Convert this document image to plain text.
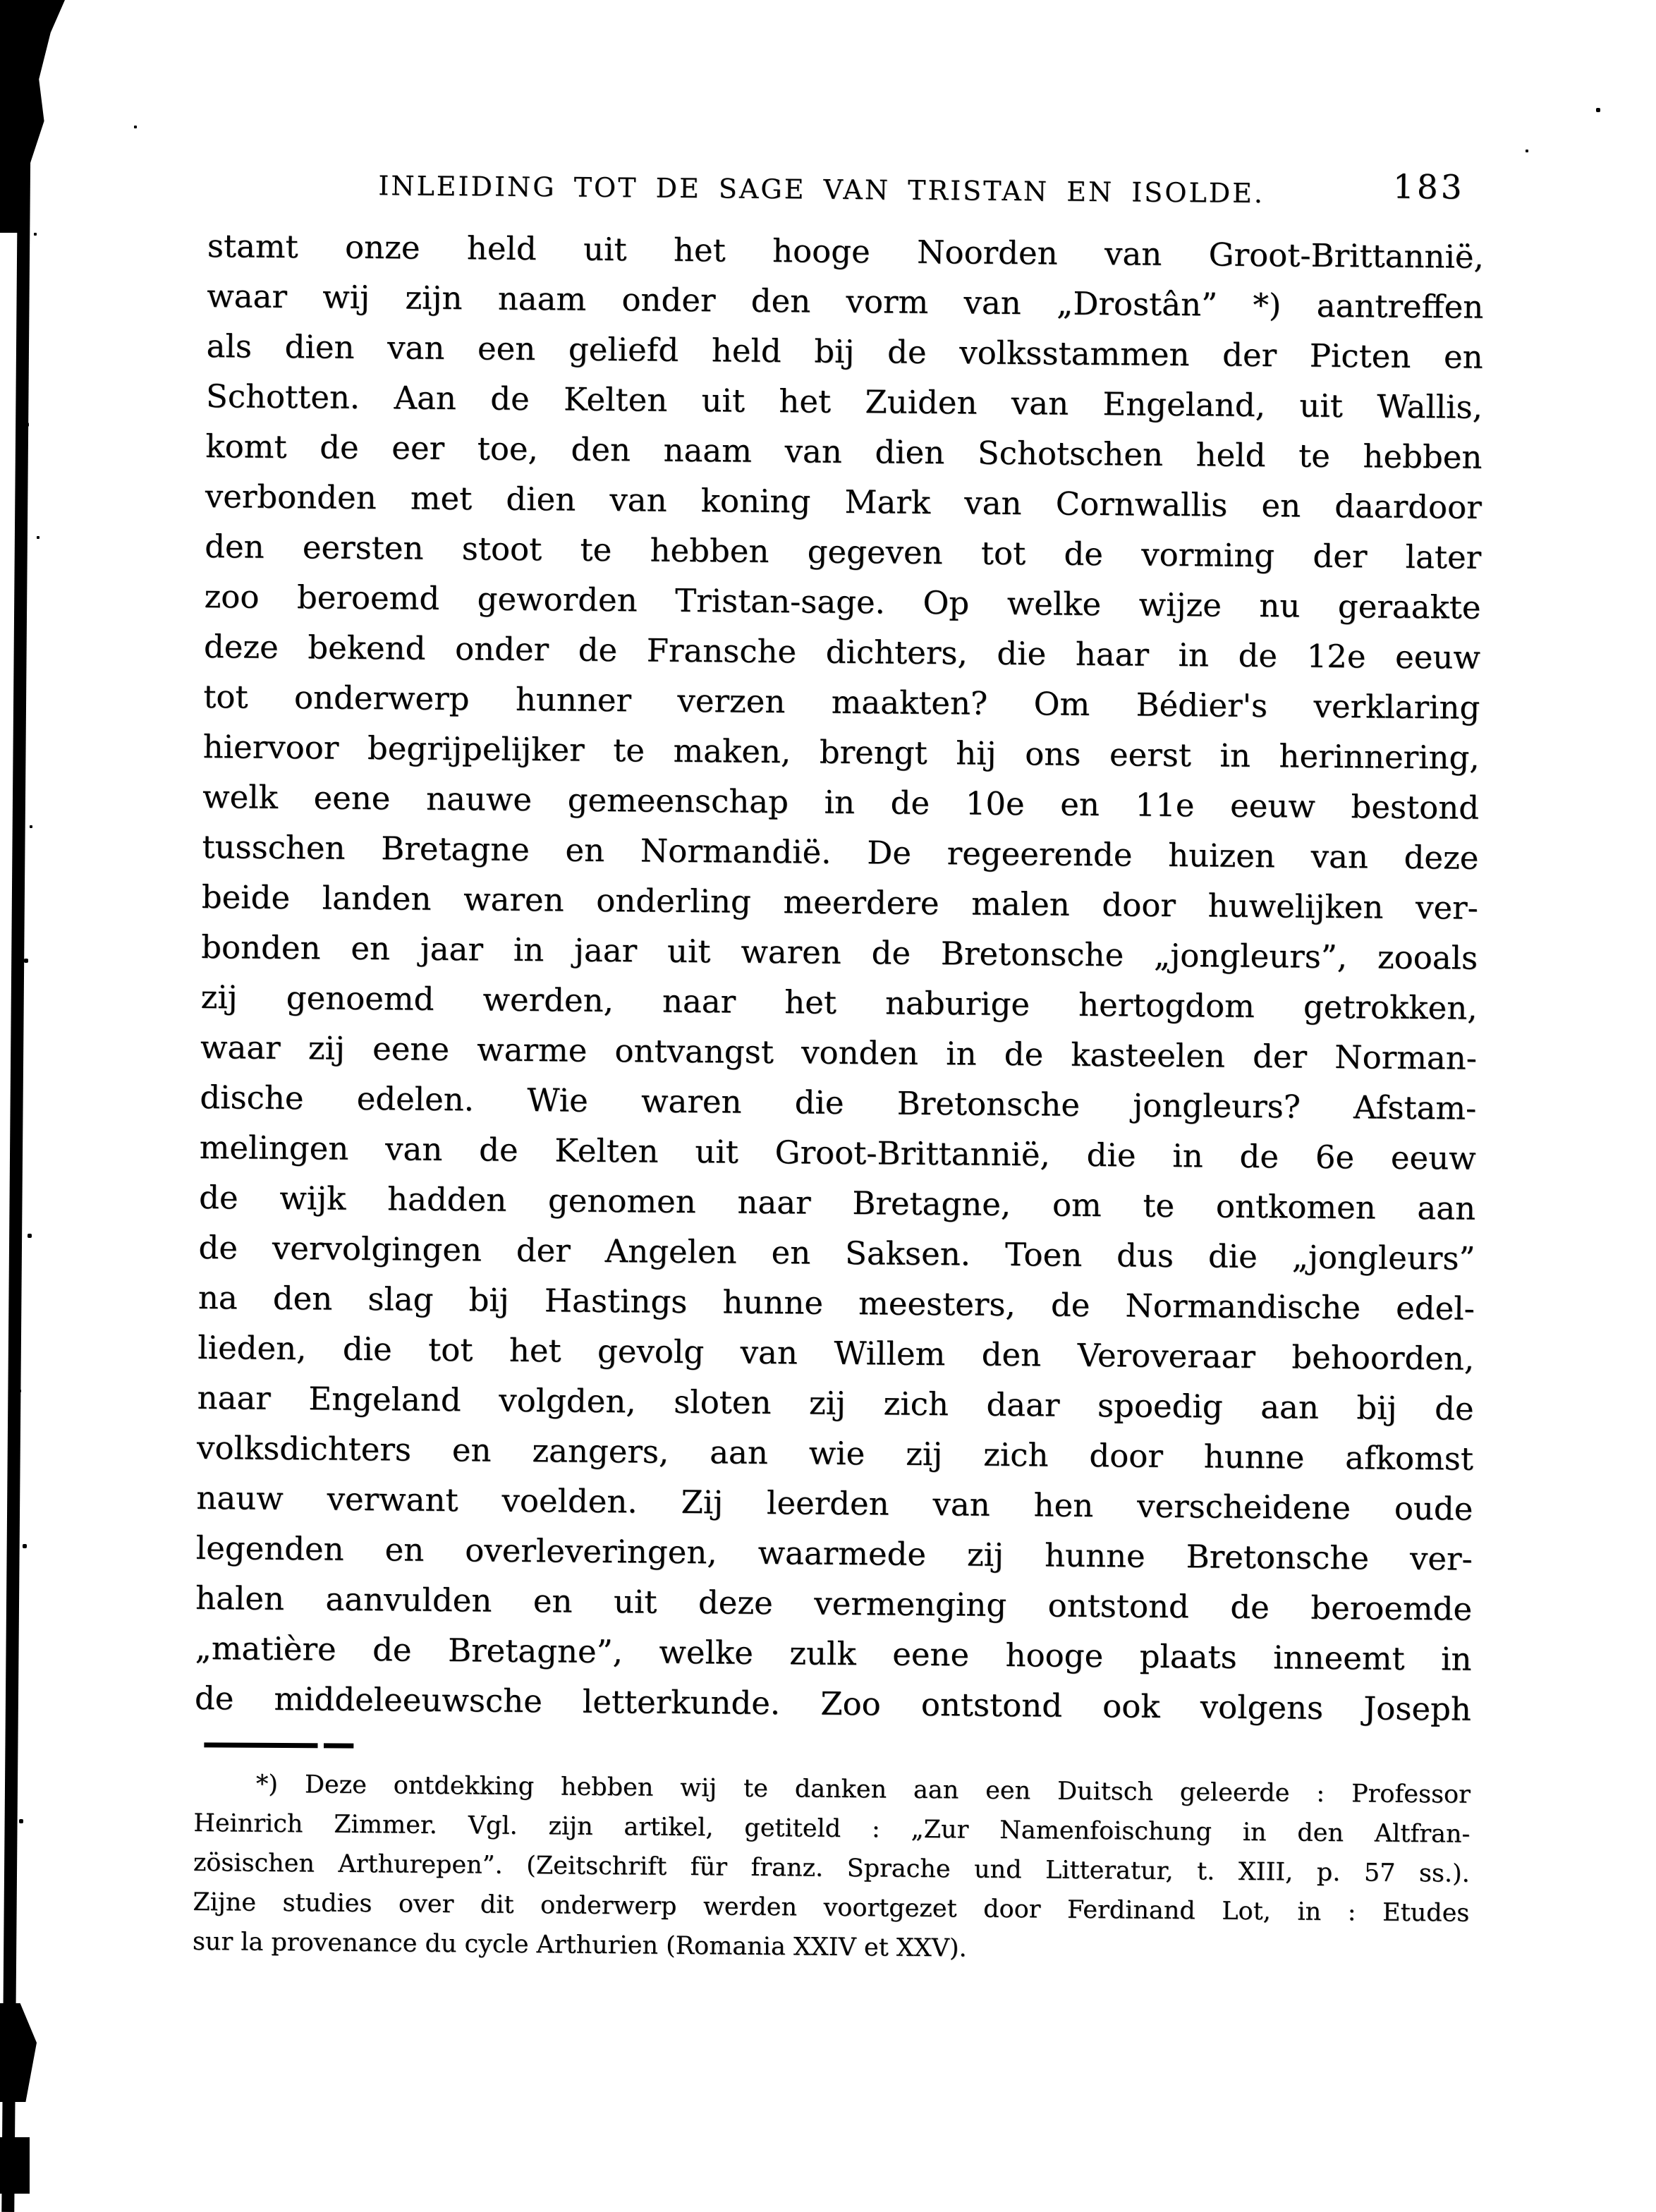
INLEIDING TOT DE SAGE VAN TRISTAN EN ISOLDE.	183
stamt onze held uit het hooge Noorden van Groot-Brittannië,
waar wij zijn naam onder den vorm van „Drostân” *) aantreffen
als dien van een geliefd held bij de volksstammen der Picten en
Schotten. Aan de Kelten uit het Zuiden van Engeland, uit Wallis,
komt de eer toe, den naam van dien Schotschen held te hebben
verbonden met dien van koning Mark van Cornwallis en daardoor
den eersten stoot te hebben gegeven tot de vorming der later
zoo beroemd geworden Tristan-sage. Op welke wijze nu geraakte
deze bekend onder de Fransche dichters, die haar in de 12e eeuw
tot onderwerp hunner verzen maakten? Om Bédier's verklaring
hiervoor begrijpelijker te maken, brengt hij ons eerst in herinnering,
welk eene nauwe gemeenschap in de 10e en 11e eeuw bestond
tusschen Bretagne en Normandië. De regeerende huizen van deze
beide landen waren onderling meerdere malen door huwelijken ver-
bonden en jaar in jaar uit waren de Bretonsche „jongleurs”, zooals
zij genoemd werden, naar het naburige hertogdom getrokken,
waar zij eene warme ontvangst vonden in de kasteelen der Norman-
dische edelen. Wie waren die Bretonsche jongleurs? Afstam-
melingen van de Kelten uit Groot-Brittannië, die in de 6e eeuw
de wijk hadden genomen naar Bretagne, om te ontkomen aan
de vervolgingen der Angelen en Saksen. Toen dus die „jongleurs”
na den slag bij Hastings hunne meesters, de Normandische edel-
lieden, die tot het gevolg van Willem den Veroveraar behoorden,
naar Engeland volgden, sloten zij zich daar spoedig aan bij de
volksdichters en zangers, aan wie zij zich door hunne afkomst
nauw verwant voelden. Zij leerden van hen verscheidene oude
legenden en overleveringen, waarmede zij hunne Bretonsche ver-
halen aanvulden en uit deze vermenging ontstond de beroemde
„matière de Bretagne”, welke zulk eene hooge plaats inneemt in
de middeleeuwsche letterkunde. Zoo ontstond ook volgens Joseph
*) Deze ontdekking hebben wij te danken aan een Duitsch geleerde : Professor
Heinrich Zimmer. Vgl. zijn artikel, getiteld : „Zur Namenfoischung in den Altfran-
zösischen Arthurepen”. (Zeitschrift für franz. Sprache und Litteratur, t. XIII, p. 57 ss.).
Zijne studies over dit onderwerp werden voortgezet door Ferdinand Lot, in : Etudes
sur la provenance du cycle Arthurien (Romania XXIV et XXV).
